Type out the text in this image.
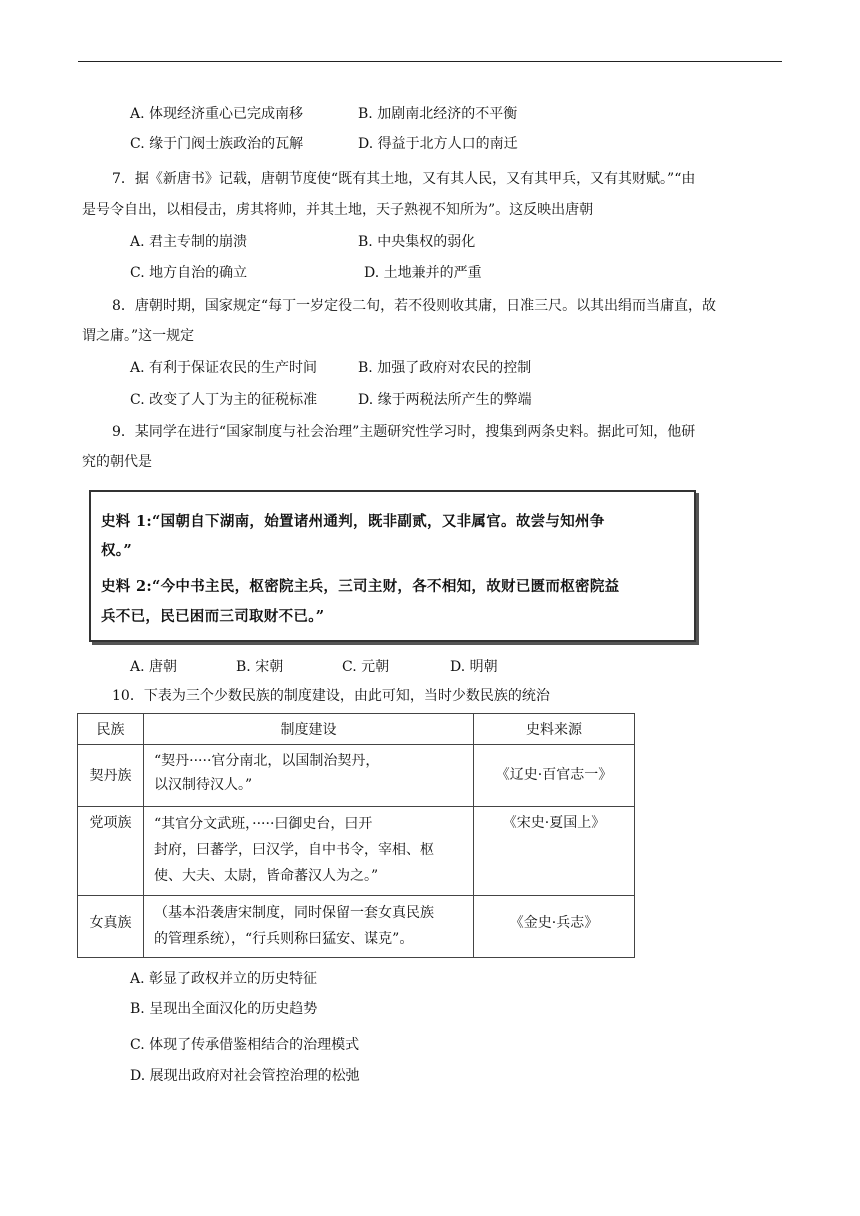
A. 体现经济重心已完成南移	B. 加剧南北经济的不平衡
C. 缘于门阀士族政治的瓦解	D. 得益于北方人口的南迁
7．据《新唐书》记载，唐朝节度使“既有其土地，又有其人民，又有其甲兵，又有其财赋。”“由
是号令自出，以相侵击，虏其将帅，并其土地，天子熟视不知所为”。这反映出唐朝
A. 君主专制的崩溃	B. 中央集权的弱化
C. 地方自治的确立	D. 土地兼并的严重
8．唐朝时期，国家规定“每丁一岁定役二旬，若不役则收其庸，日准三尺。以其出绢而当庸直，故
谓之庸。”这一规定
A. 有利于保证农民的生产时间	B. 加强了政府对农民的控制
C. 改变了人丁为主的征税标准	D. 缘于两税法所产生的弊端
9．某同学在进行“国家制度与社会治理”主题研究性学习时，搜集到两条史料。据此可知，他研
究的朝代是
史料 1:“国朝自下湖南，始置诸州通判，既非副贰，又非属官。故尝与知州争
权。”
史料 2:“今中书主民，枢密院主兵，三司主财，各不相知，故财已匮而枢密院益
兵不已，民已困而三司取财不已。”
A. 唐朝	B. 宋朝	C. 元朝	D. 明朝
10．下表为三个少数民族的制度建设，由此可知，当时少数民族的统治
民族	制度建设	史料来源

契丹族	“契丹·····官分南北，以国制治契丹，
以汉制待汉人。”	《辽史·百官志一》

党项族	“其官分文武班，·····曰御史台，曰开
封府，曰蕃学，曰汉学，自中书令，宰相、枢
使、大夫、太尉，皆命蕃汉人为之。”	《宋史·夏国上》

女真族	（基本沿袭唐宋制度，同时保留一套女真民族
的管理系统），“行兵则称曰猛安、谋克”。	《金史·兵志》
A. 彰显了政权并立的历史特征
B. 呈现出全面汉化的历史趋势
C. 体现了传承借鉴相结合的治理模式
D. 展现出政府对社会管控治理的松弛
